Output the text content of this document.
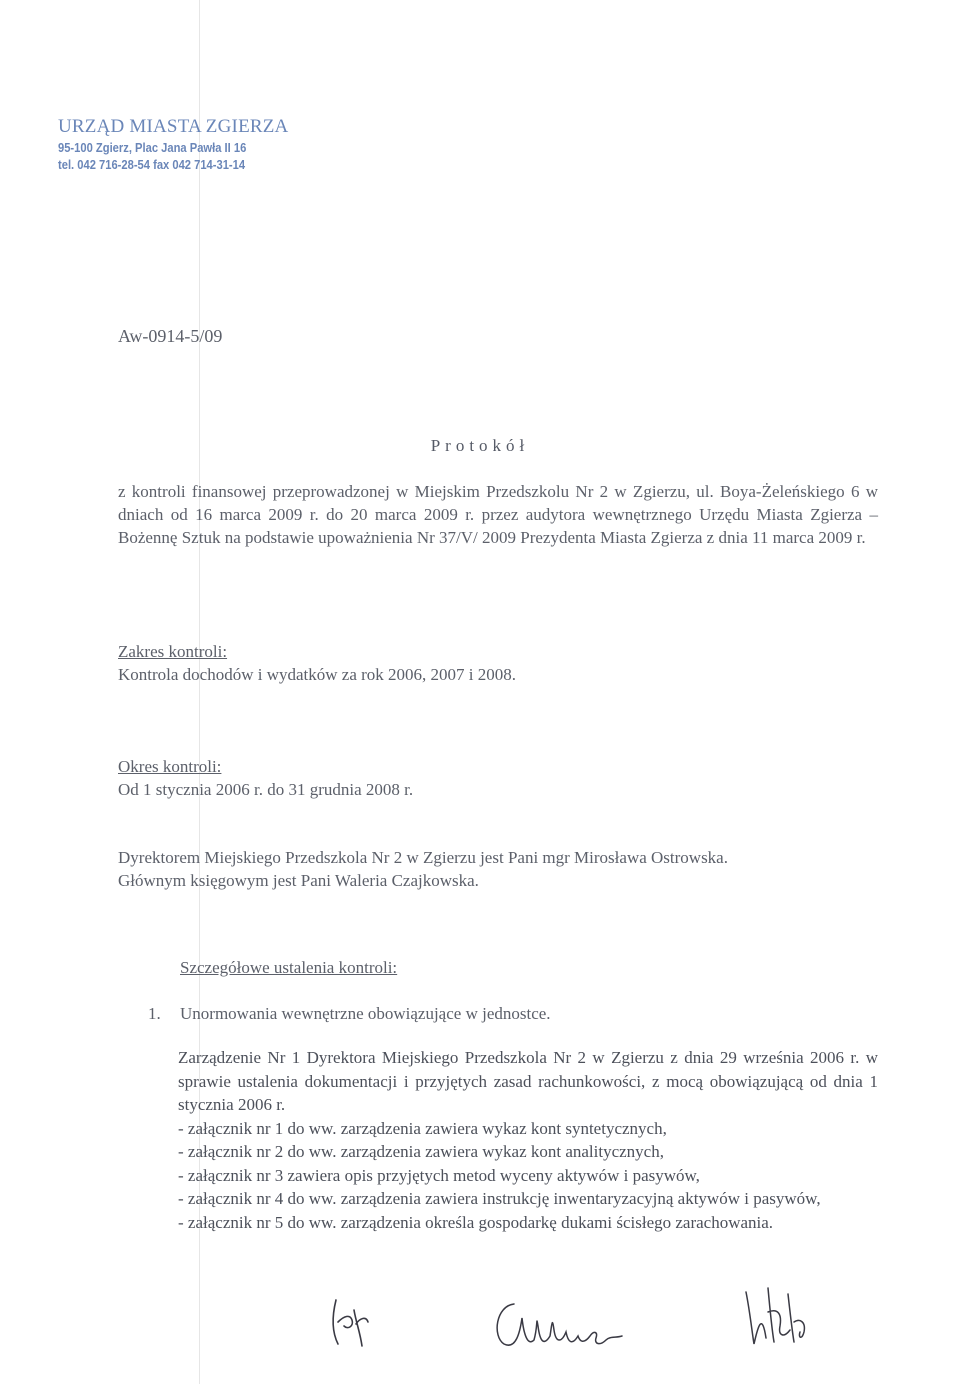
URZĄD MIASTA ZGIERZA
95-100 Zgierz, Plac Jana Pawła II 16
tel. 042 716-28-54 fax 042 714-31-14
Aw-0914-5/09
Protokół
z kontroli finansowej przeprowadzonej w Miejskim Przedszkolu Nr 2 w Zgierzu, ul. Boya-Żeleńskiego 6 w dniach od 16 marca 2009 r. do 20 marca 2009 r. przez audytora wewnętrznego Urzędu Miasta Zgierza – Bożennę Sztuk na podstawie upoważnienia Nr 37/V/ 2009 Prezydenta Miasta Zgierza z dnia 11 marca 2009 r.
Zakres kontroli:
Kontrola dochodów i wydatków za rok 2006, 2007 i 2008.
Okres kontroli:
Od 1 stycznia 2006 r. do 31 grudnia 2008 r.
Dyrektorem Miejskiego Przedszkola Nr 2 w Zgierzu jest Pani mgr Mirosława Ostrowska.
Głównym księgowym jest Pani Waleria Czajkowska.
Szczegółowe ustalenia kontroli:
1. Unormowania wewnętrzne obowiązujące w jednostce.
Zarządzenie Nr 1 Dyrektora Miejskiego Przedszkola Nr 2 w Zgierzu z dnia 29 września 2006 r. w sprawie ustalenia dokumentacji i przyjętych zasad rachunkowości, z mocą obowiązującą od dnia 1 stycznia 2006 r.
- załącznik nr 1 do ww. zarządzenia zawiera wykaz kont syntetycznych,
- załącznik nr 2 do ww. zarządzenia zawiera wykaz kont analitycznych,
- załącznik nr 3 zawiera opis przyjętych metod wyceny aktywów i pasywów,
- załącznik nr 4 do ww. zarządzenia zawiera instrukcję inwentaryzacyjną aktywów i pasywów,
- załącznik nr 5 do ww. zarządzenia określa gospodarkę dukami ścisłego zarachowania.
